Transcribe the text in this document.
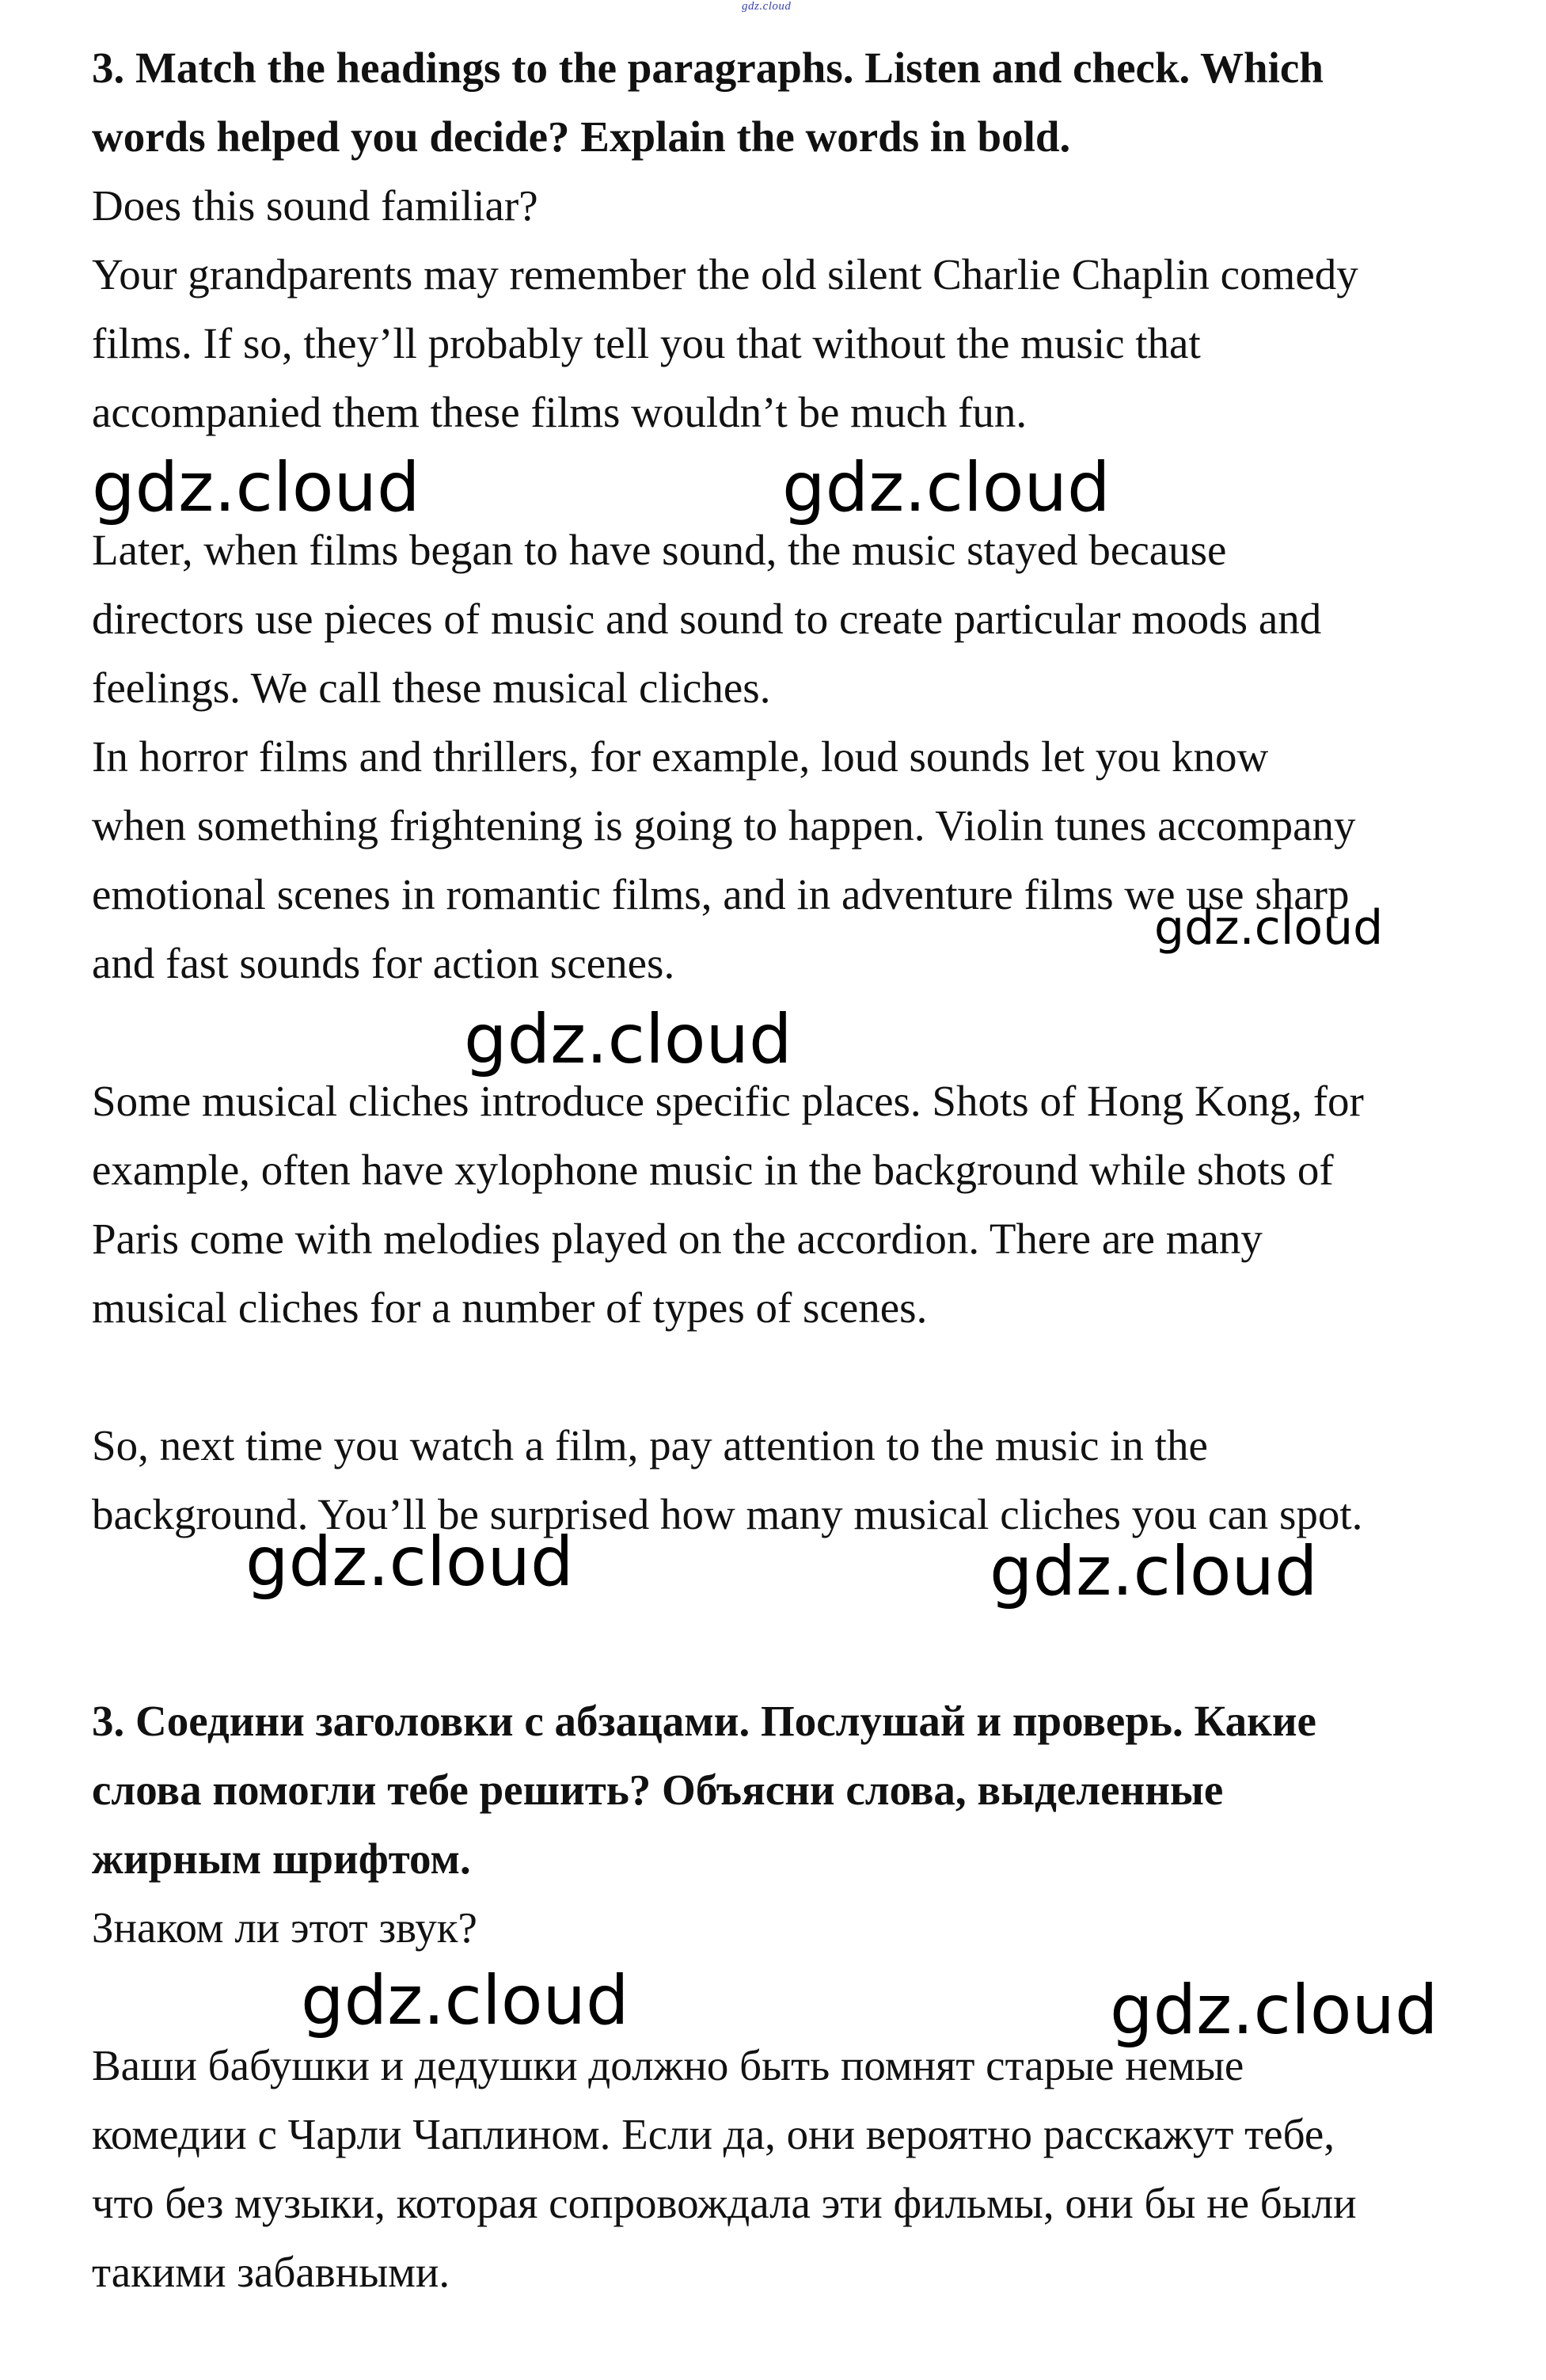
gdz.cloud
3. Match the headings to the paragraphs. Listen and check. Which
words helped you decide? Explain the words in bold.
Does this sound familiar?
Your grandparents may remember the old silent Charlie Chaplin comedy
films. If so, they’ll probably tell you that without the music that
accompanied them these films wouldn’t be much fun.
Later, when films began to have sound, the music stayed because
directors use pieces of music and sound to create particular moods and
feelings. We call these musical cliches.
In horror films and thrillers, for example, loud sounds let you know
when something frightening is going to happen. Violin tunes accompany
emotional scenes in romantic films, and in adventure films we use sharp
and fast sounds for action scenes.
Some musical cliches introduce specific places. Shots of Hong Kong, for
example, often have xylophone music in the background while shots of
Paris come with melodies played on the accordion. There are many
musical cliches for a number of types of scenes.
So, next time you watch a film, pay attention to the music in the
background. You’ll be surprised how many musical cliches you can spot.
3. Соедини заголовки с абзацами. Послушай и проверь. Какие
слова помогли тебе решить? Объясни слова, выделенные
жирным шрифтом.
Знаком ли этот звук?
Ваши бабушки и дедушки должно быть помнят старые немые
комедии с Чарли Чаплином. Если да, они вероятно расскажут тебе,
что без музыки, которая сопровождала эти фильмы, они бы не были
такими забавными.
gdz.cloud	gdz.cloud
gdz.cloud
gdz.cloud
gdz.cloud	gdz.cloud
gdz.cloud	gdz.cloud
